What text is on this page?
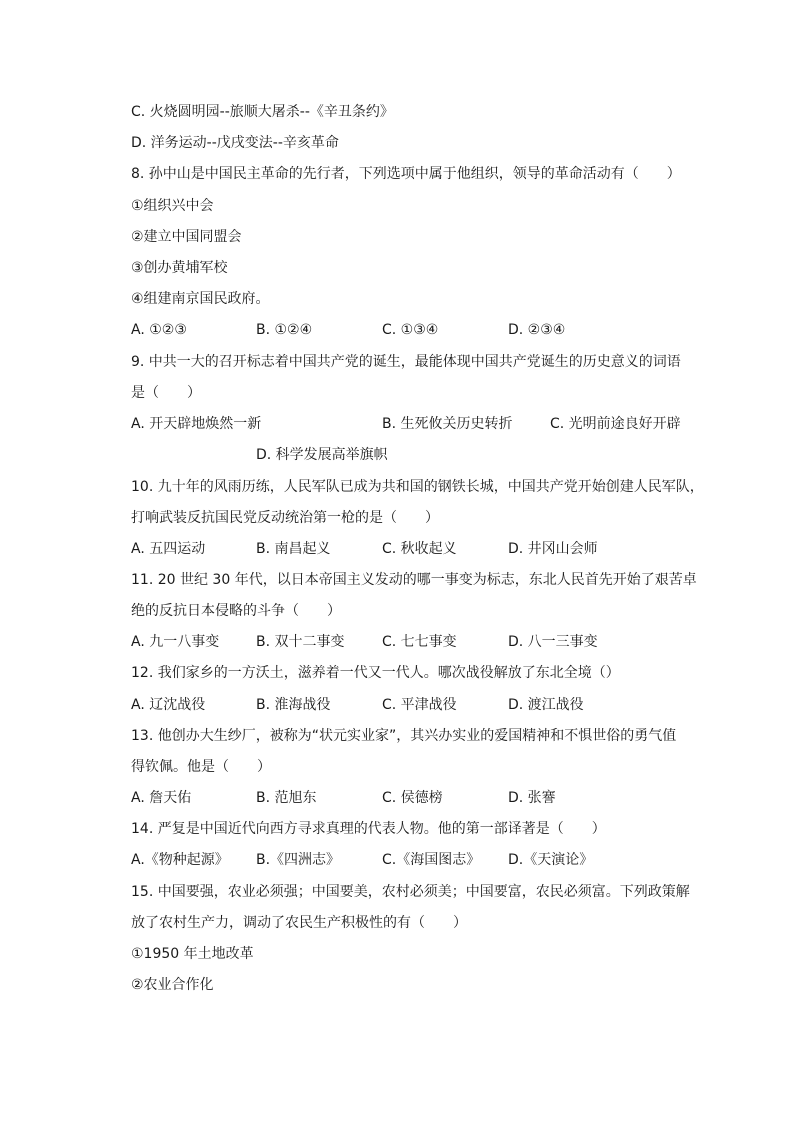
C. 火烧圆明园--旅顺大屠杀--《辛丑条约》
D. 洋务运动--戊戌变法--辛亥革命
8. 孙中山是中国民主革命的先行者，下列选项中属于他组织，领导的革命活动有（　　）
①组织兴中会
②建立中国同盟会
③创办黄埔军校
④组建南京国民政府。
A. ①②③	B. ①②④	C. ①③④	D. ②③④
9. 中共一大的召开标志着中国共产党的诞生，最能体现中国共产党诞生的历史意义的词语
是（　　）
A. 开天辟地焕然一新	B. 生死攸关历史转折	C. 光明前途良好开辟
D. 科学发展高举旗帜
10. 九十年的风雨历练，人民军队已成为共和国的钢铁长城，中国共产党开始创建人民军队，
打响武装反抗国民党反动统治第一枪的是（　　）
A. 五四运动	B. 南昌起义	C. 秋收起义	D. 井冈山会师
11. 20 世纪 30 年代，以日本帝国主义发动的哪一事变为标志，东北人民首先开始了艰苦卓
绝的反抗日本侵略的斗争（　　）
A. 九一八事变	B. 双十二事变	C. 七七事变	D. 八一三事变
12. 我们家乡的一方沃土，滋养着一代又一代人。哪次战役解放了东北全境（）
A. 辽沈战役	B. 淮海战役	C. 平津战役	D. 渡江战役
13. 他创办大生纱厂，被称为“状元实业家”，其兴办实业的爱国精神和不惧世俗的勇气值
得钦佩。他是（　　）
A. 詹天佑	B. 范旭东	C. 侯德榜	D. 张謇
14. 严复是中国近代向西方寻求真理的代表人物。他的第一部译著是（　　）
A.《物种起源》 B.《四洲志》	C.《海国图志》 D.《天演论》
15. 中国要强，农业必须强；中国要美，农村必须美；中国要富，农民必须富。下列政策解
放了农村生产力，调动了农民生产积极性的有（　　）
①1950 年土地改革
②农业合作化
